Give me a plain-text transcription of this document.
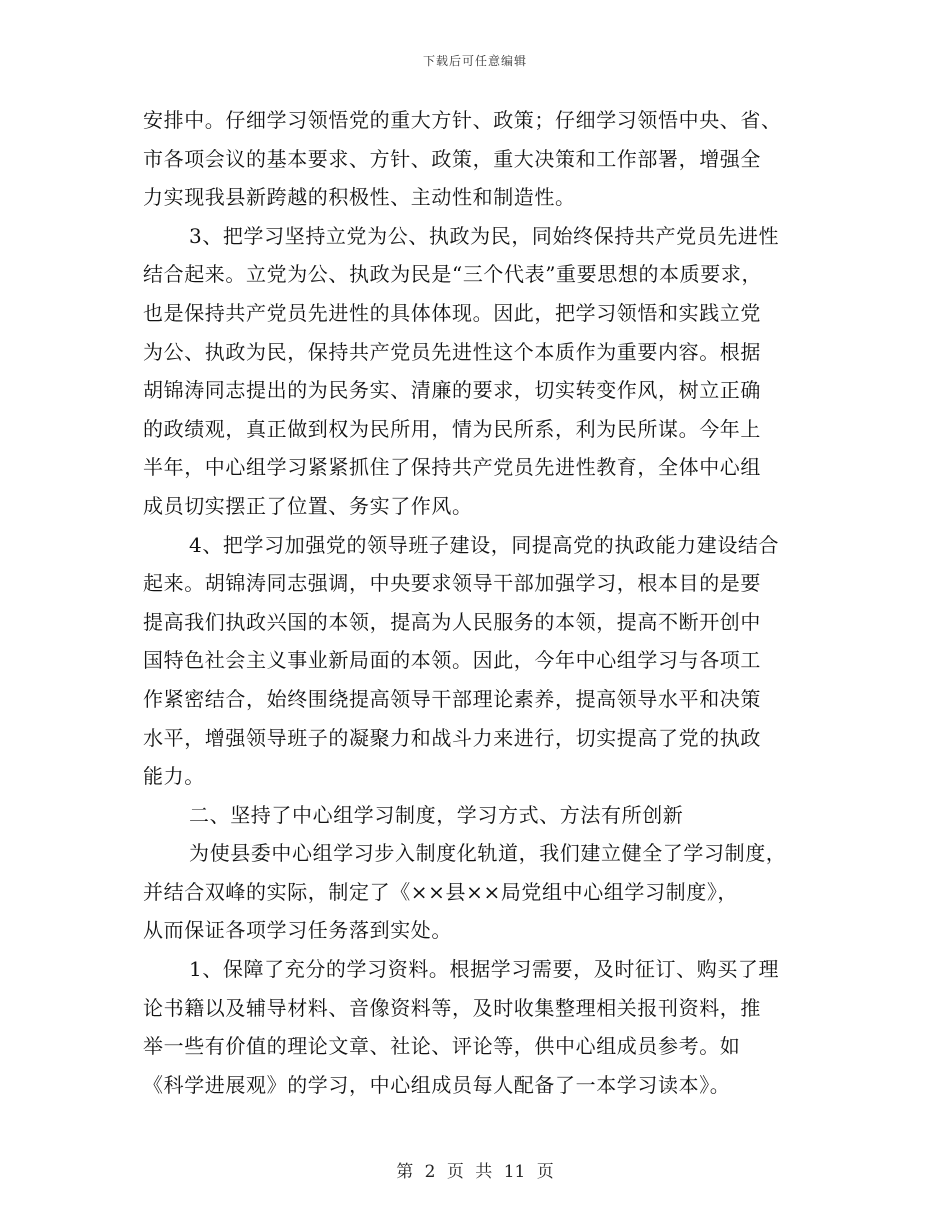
下载后可任意编辑
安排中。仔细学习领悟党的重大方针、政策；仔细学习领悟中央、省、
市各项会议的基本要求、方针、政策，重大决策和工作部署，增强全
力实现我县新跨越的积极性、主动性和制造性。
3、把学习坚持立党为公、执政为民，同始终保持共产党员先进性
结合起来。立党为公、执政为民是“三个代表”重要思想的本质要求，
也是保持共产党员先进性的具体体现。因此，把学习领悟和实践立党
为公、执政为民，保持共产党员先进性这个本质作为重要内容。根据
胡锦涛同志提出的为民务实、清廉的要求，切实转变作风，树立正确
的政绩观，真正做到权为民所用，情为民所系，利为民所谋。今年上
半年，中心组学习紧紧抓住了保持共产党员先进性教育，全体中心组
成员切实摆正了位置、务实了作风。
4、把学习加强党的领导班子建设，同提高党的执政能力建设结合
起来。胡锦涛同志强调，中央要求领导干部加强学习，根本目的是要
提高我们执政兴国的本领，提高为人民服务的本领，提高不断开创中
国特色社会主义事业新局面的本领。因此，今年中心组学习与各项工
作紧密结合，始终围绕提高领导干部理论素养，提高领导水平和决策
水平，增强领导班子的凝聚力和战斗力来进行，切实提高了党的执政
能力。
二、坚持了中心组学习制度，学习方式、方法有所创新
为使县委中心组学习步入制度化轨道，我们建立健全了学习制度，
并结合双峰的实际，制定了《××县××局党组中心组学习制度》，
从而保证各项学习任务落到实处。
1、保障了充分的学习资料。根据学习需要，及时征订、购买了理
论书籍以及辅导材料、音像资料等，及时收集整理相关报刊资料，推
举一些有价值的理论文章、社论、评论等，供中心组成员参考。如
《科学进展观》的学习，中心组成员每人配备了一本学习读本》。
第 2 页 共 11 页
